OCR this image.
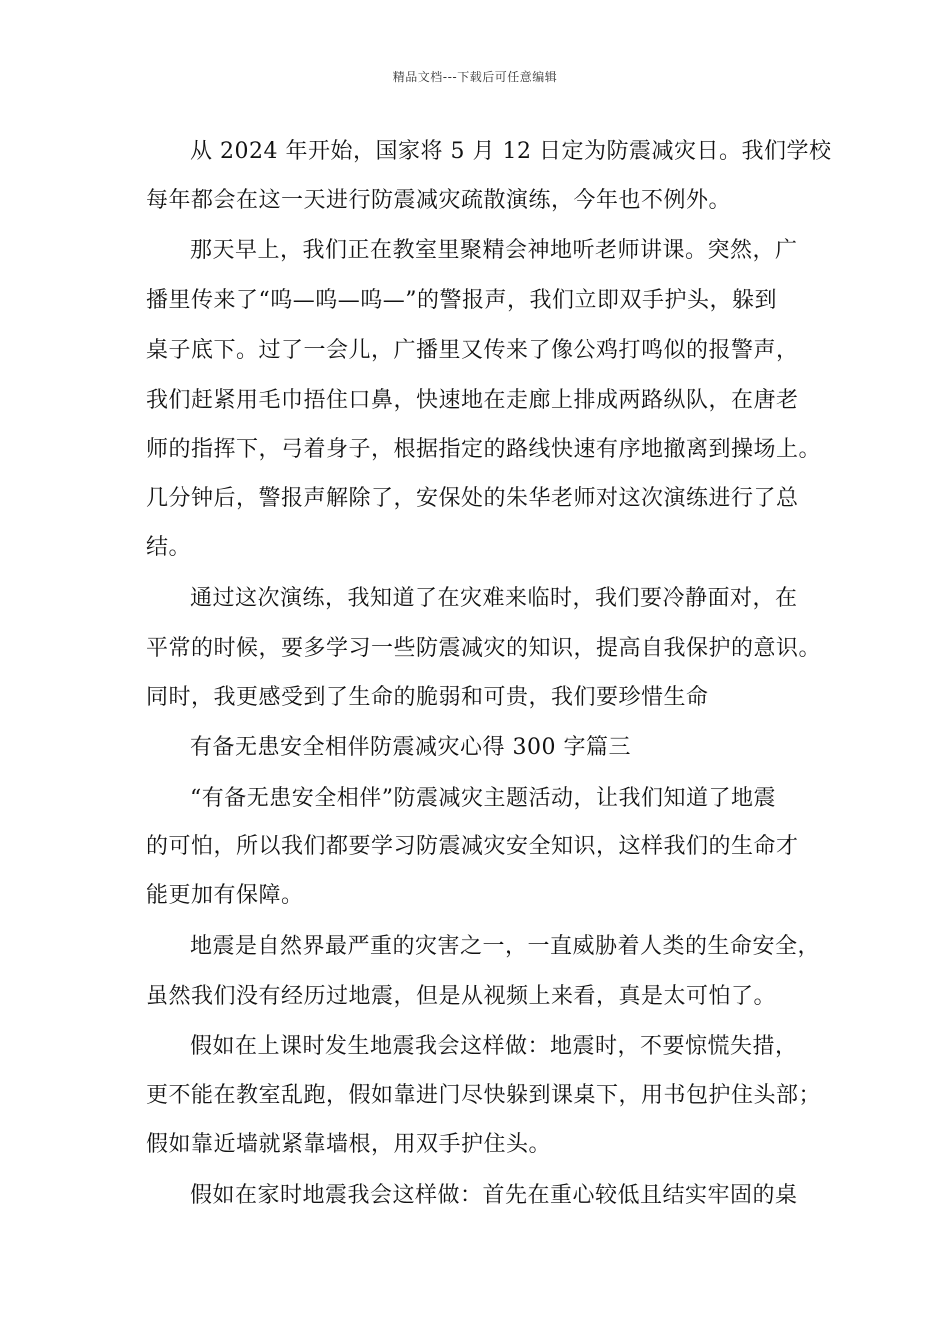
精品文档---下载后可任意编辑
从 2024 年开始，国家将 5 月 12 日定为防震减灾日。我们学校
每年都会在这一天进行防震减灾疏散演练，今年也不例外。
那天早上，我们正在教室里聚精会神地听老师讲课。突然，广
播里传来了“呜—呜—呜—”的警报声，我们立即双手护头，躲到
桌子底下。过了一会儿，广播里又传来了像公鸡打鸣似的报警声，
我们赶紧用毛巾捂住口鼻，快速地在走廊上排成两路纵队，在唐老
师的指挥下，弓着身子，根据指定的路线快速有序地撤离到操场上。
几分钟后，警报声解除了，安保处的朱华老师对这次演练进行了总
结。
通过这次演练，我知道了在灾难来临时，我们要冷静面对，在
平常的时候，要多学习一些防震减灾的知识，提高自我保护的意识。
同时，我更感受到了生命的脆弱和可贵，我们要珍惜生命
有备无患安全相伴防震减灾心得 300 字篇三
“有备无患安全相伴”防震减灾主题活动，让我们知道了地震
的可怕，所以我们都要学习防震减灾安全知识，这样我们的生命才
能更加有保障。
地震是自然界最严重的灾害之一，一直威胁着人类的生命安全，
虽然我们没有经历过地震，但是从视频上来看，真是太可怕了。
假如在上课时发生地震我会这样做：地震时，不要惊慌失措，
更不能在教室乱跑，假如靠进门尽快躲到课桌下，用书包护住头部；
假如靠近墙就紧靠墙根，用双手护住头。
假如在家时地震我会这样做：首先在重心较低且结实牢固的桌
